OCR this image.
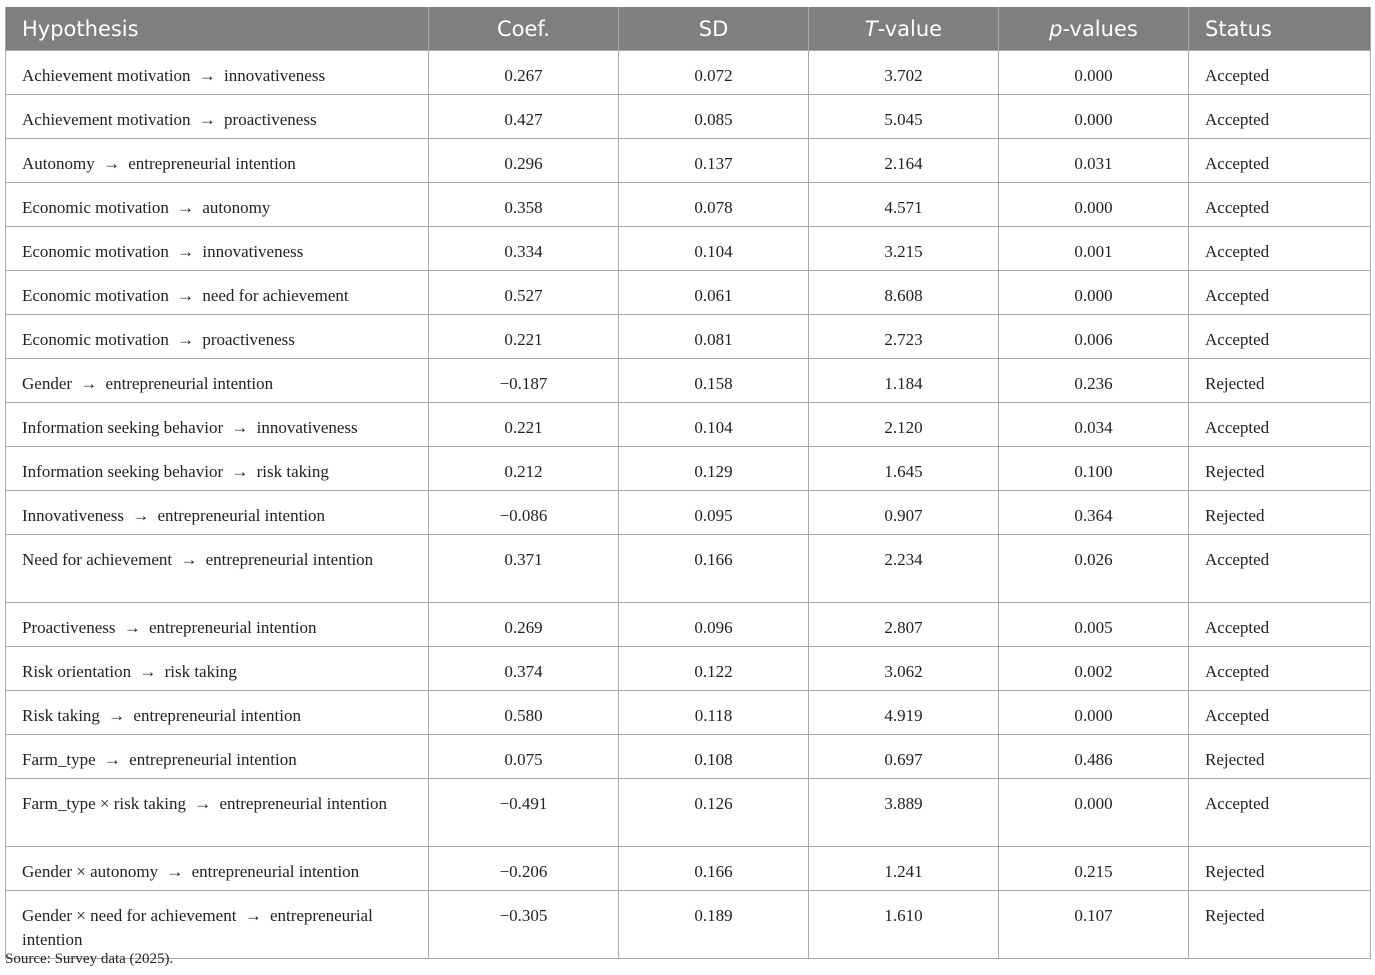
Hypothesis	Coef.	SD	T-value	p-values	Status
Achievement motivation → innovativeness	0.267	0.072	3.702	0.000	Accepted
Achievement motivation → proactiveness	0.427	0.085	5.045	0.000	Accepted
Autonomy → entrepreneurial intention	0.296	0.137	2.164	0.031	Accepted
Economic motivation → autonomy	0.358	0.078	4.571	0.000	Accepted
Economic motivation → innovativeness	0.334	0.104	3.215	0.001	Accepted
Economic motivation → need for achievement	0.527	0.061	8.608	0.000	Accepted
Economic motivation → proactiveness	0.221	0.081	2.723	0.006	Accepted
Gender → entrepreneurial intention	−0.187	0.158	1.184	0.236	Rejected
Information seeking behavior → innovativeness	0.221	0.104	2.120	0.034	Accepted
Information seeking behavior → risk taking	0.212	0.129	1.645	0.100	Rejected
Innovativeness → entrepreneurial intention	−0.086	0.095	0.907	0.364	Rejected
Need for achievement → entrepreneurial intention	0.371	0.166	2.234	0.026	Accepted
Proactiveness → entrepreneurial intention	0.269	0.096	2.807	0.005	Accepted
Risk orientation → risk taking	0.374	0.122	3.062	0.002	Accepted
Risk taking → entrepreneurial intention	0.580	0.118	4.919	0.000	Accepted
Farm_type → entrepreneurial intention	0.075	0.108	0.697	0.486	Rejected
Farm_type × risk taking → entrepreneurial intention	−0.491	0.126	3.889	0.000	Accepted
Gender × autonomy → entrepreneurial intention	−0.206	0.166	1.241	0.215	Rejected
Gender × need for achievement → entrepreneurial intention	−0.305	0.189	1.610	0.107	Rejected
Source: Survey data (2025).
